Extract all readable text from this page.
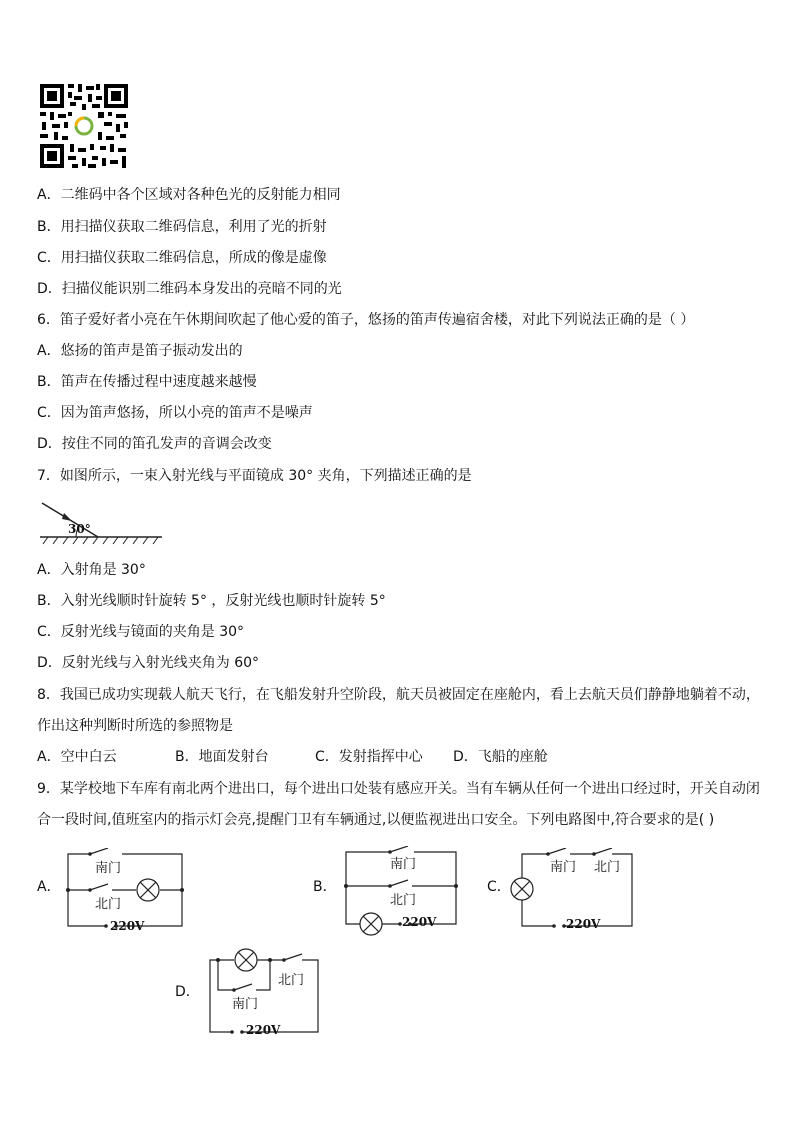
A．二维码中各个区域对各种色光的反射能力相同
B．用扫描仪获取二维码信息，利用了光的折射
C．用扫描仪获取二维码信息，所成的像是虚像
D．扫描仪能识别二维码本身发出的亮暗不同的光
6．笛子爱好者小亮在午休期间吹起了他心爱的笛子，悠扬的笛声传遍宿舍楼，对此下列说法正确的是（ ）
A．悠扬的笛声是笛子振动发出的
B．笛声在传播过程中速度越来越慢
C．因为笛声悠扬，所以小亮的笛声不是噪声
D．按住不同的笛孔发声的音调会改变
7．如图所示，一束入射光线与平面镜成 30° 夹角，下列描述正确的是
30°
A．入射角是 30°
B．入射光线顺时针旋转 5° ，反射光线也顺时针旋转 5°
C．反射光线与镜面的夹角是 30°
D．反射光线与入射光线夹角为 60°
8．我国已成功实现载人航天飞行，在飞船发射升空阶段，航天员被固定在座舱内，看上去航天员们静静地躺着不动，
作出这种判断时所选的参照物是
A．空中白云	B．地面发射台	C．发射指挥中心 D．飞船的座舱
9．某学校地下车库有南北两个进出口，每个进出口处装有感应开关。当有车辆从任何一个进出口经过时，开关自动闭
合一段时间,值班室内的指示灯会亮,提醒门卫有车辆通过,以便监视进出口安全。下列电路图中,符合要求的是( )
A．	B．	C．
D．
南门
北门
220V
南门
北门
220V
南门 北门
220V
北门
南门
220V
